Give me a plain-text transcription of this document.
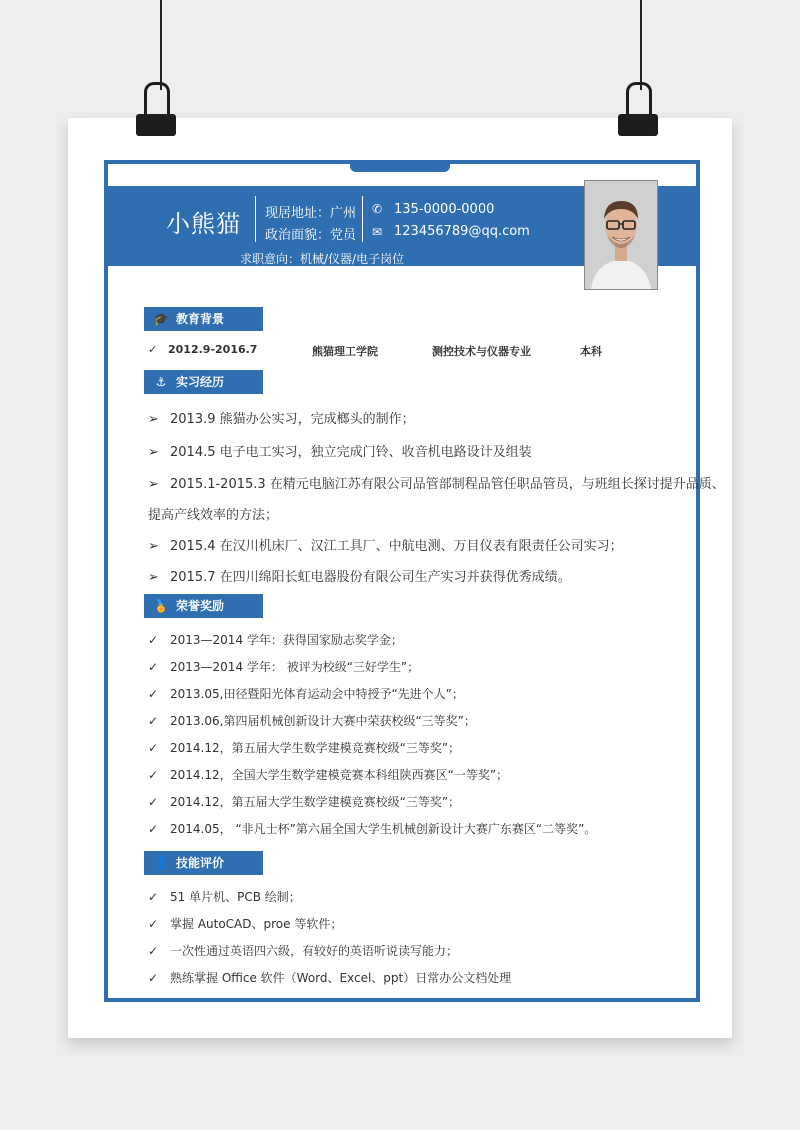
小熊猫 现居地址：广州
政治面貌：党员
✆ 135-0000-0000
✉ 123456789@qq.com
求职意向：机械/仪器/电子岗位
🎓 教育背景
✓ 2012.9-2016.7	熊猫理工学院	测控技术与仪器专业	本科
⚓ 实习经历
➢ 2013.9 熊猫办公实习，完成榔头的制作；
➢ 2014.5 电子电工实习，独立完成门铃、收音机电路设计及组装
➢ 2015.1-2015.3 在精元电脑江苏有限公司品管部制程品管任职品管员，与班组长探讨提升品质、
提高产线效率的方法；
➢ 2015.4 在汉川机床厂、汉江工具厂、中航电测、万目仪表有限责任公司实习；
➢ 2015.7 在四川绵阳长虹电器股份有限公司生产实习并获得优秀成绩。
🏅 荣誉奖励
✓ 2013—2014 学年：获得国家励志奖学金；
✓ 2013—2014 学年： 被评为校级“三好学生”；
✓ 2013.05,田径暨阳光体育运动会中特授予“先进个人”；
✓ 2013.06,第四届机械创新设计大赛中荣获校级“三等奖”；
✓ 2014.12，第五届大学生数学建模竞赛校级“三等奖”；
✓ 2014.12，全国大学生数学建模竞赛本科组陕西赛区“一等奖”；
✓ 2014.12，第五届大学生数学建模竞赛校级“三等奖”；
✓ 2014.05， “非凡士杯”第六届全国大学生机械创新设计大赛广东赛区“二等奖”。
👤 技能评价
✓ 51 单片机、PCB 绘制；
✓ 掌握 AutoCAD、proe 等软件；
✓ 一次性通过英语四六级，有较好的英语听说读写能力；
✓ 熟练掌握 Office 软件（Word、Excel、ppt）日常办公文档处理
